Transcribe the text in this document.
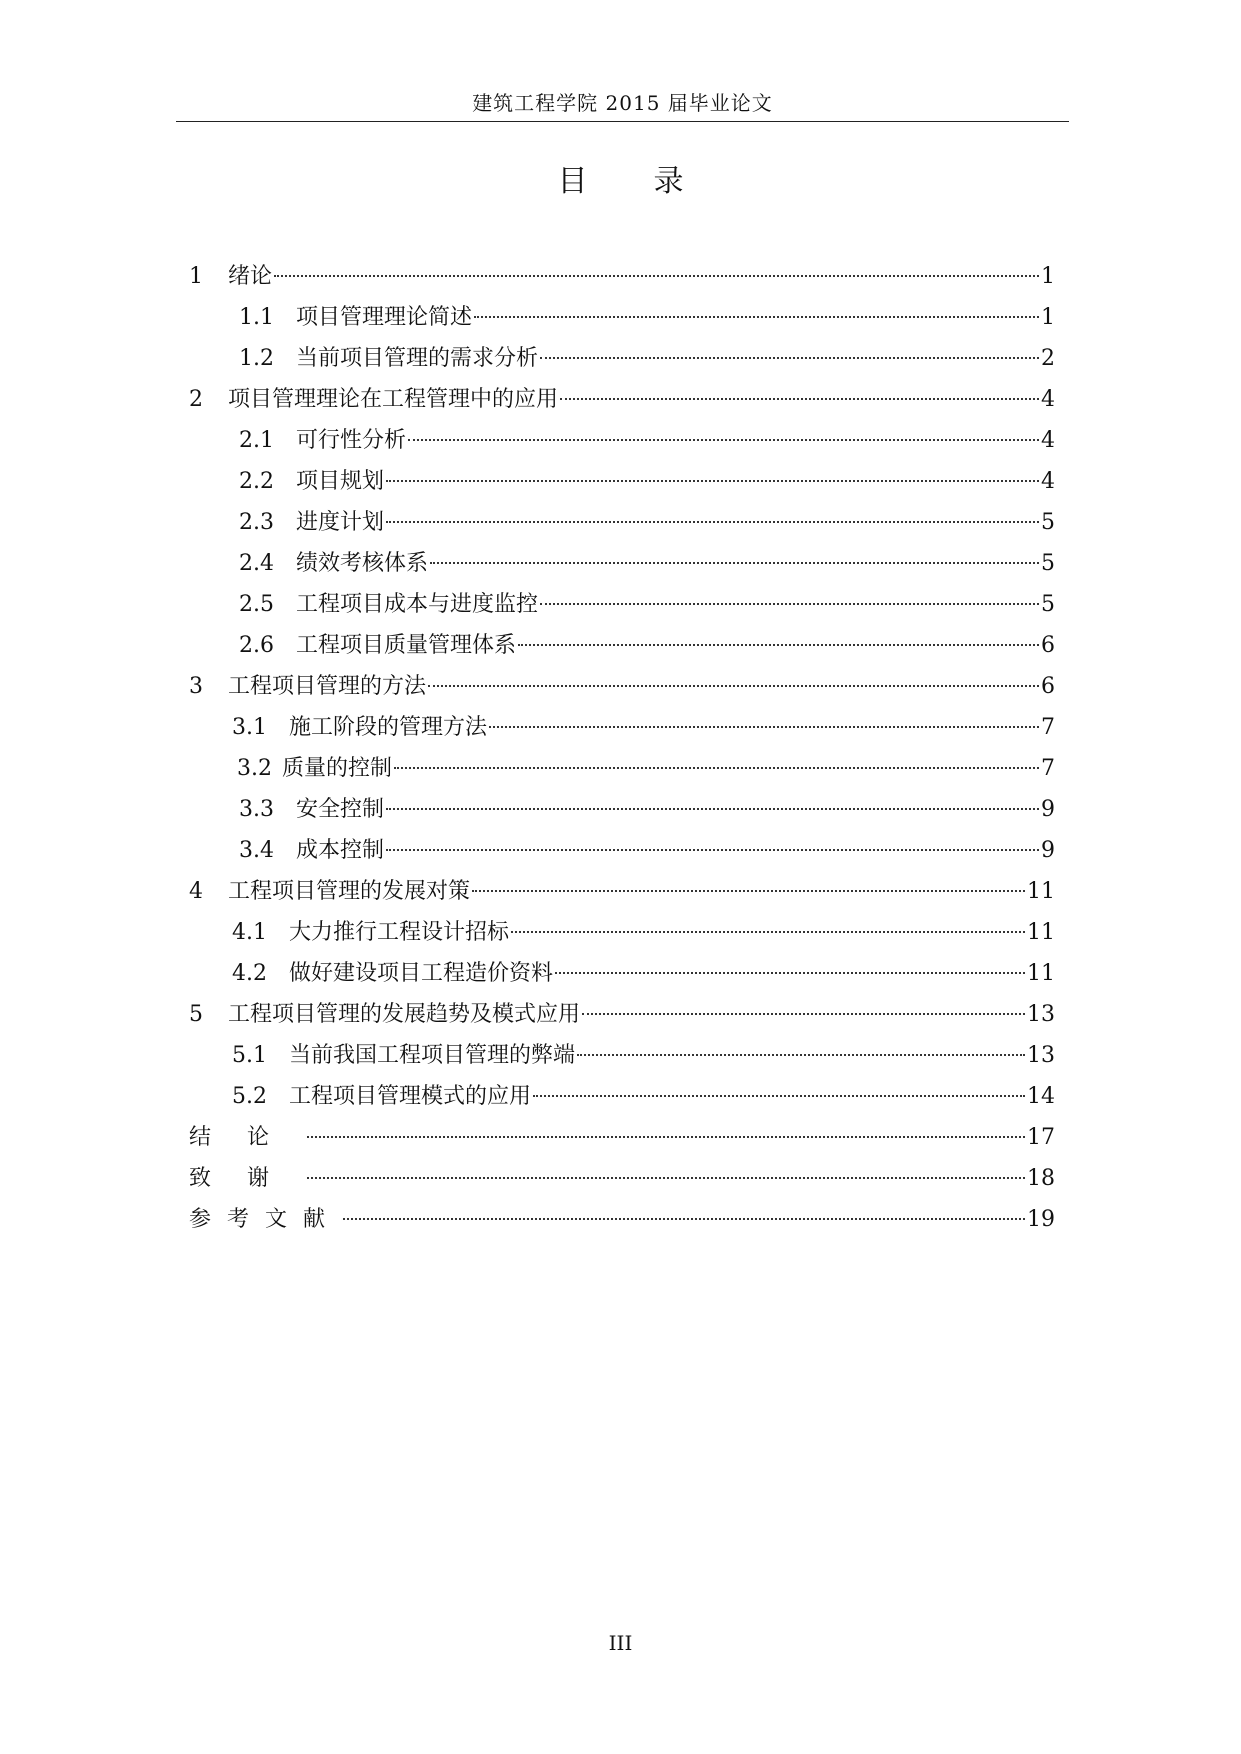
建筑工程学院 2015 届毕业论文
目 录
1	绪论	1
1.1	项目管理理论简述	1
1.2	当前项目管理的需求分析	2
2	项目管理理论在工程管理中的应用	4
2.1	可行性分析	4
2.2	项目规划	4
2.3	进度计划	5
2.4	绩效考核体系	5
2.5	工程项目成本与进度监控	5
2.6	工程项目质量管理体系	6
3	工程项目管理的方法	6
3.1	施工阶段的管理方法	7
3.2 质量的控制	7
3.3	安全控制	9
3.4	成本控制	9
4	工程项目管理的发展对策	11
4.1	大力推行工程设计招标	11
4.2	做好建设项目工程造价资料	11
5	工程项目管理的发展趋势及模式应用	13
5.1	当前我国工程项目管理的弊端	13
5.2	工程项目管理模式的应用	14
结论	17
致谢	18
参考文献	19
III
